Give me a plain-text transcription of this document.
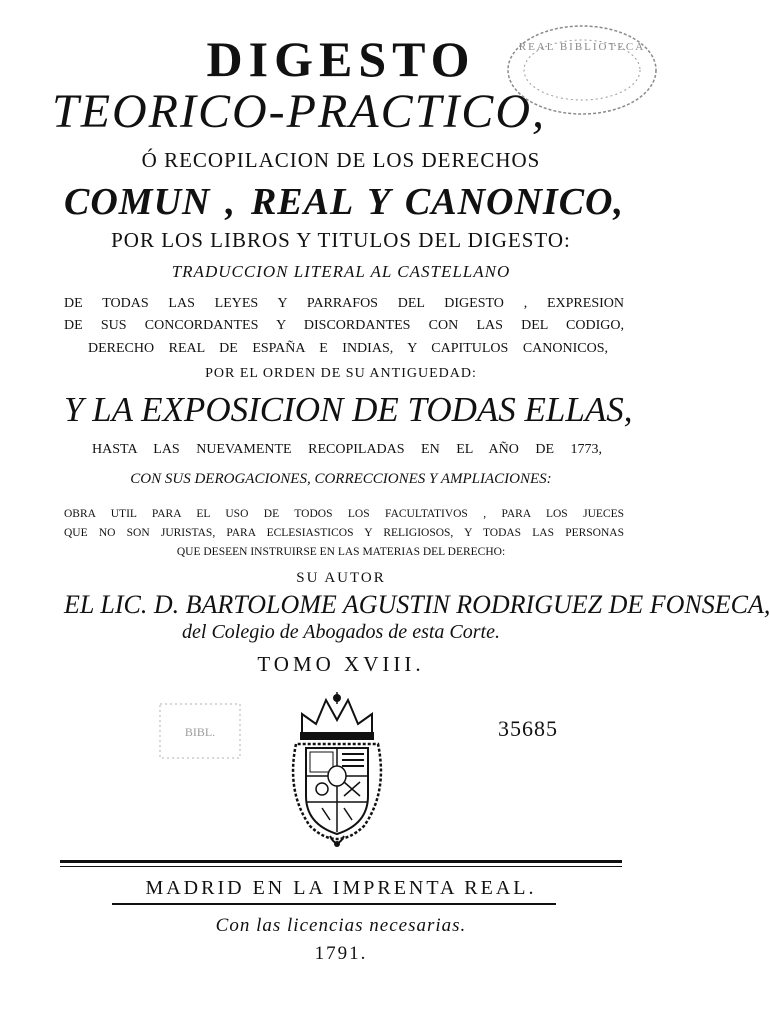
DIGESTO
TEORICO-PRACTICO,
Ó RECOPILACION DE LOS DERECHOS
COMUN , REAL Y CANONICO,
POR LOS LIBROS Y TITULOS DEL DIGESTO:
TRADUCCION LITERAL AL CASTELLANO
DE TODAS LAS LEYES Y PARRAFOS DEL DIGESTO , EXPRESION
DE SUS CONCORDANTES Y DISCORDANTES CON LAS DEL CODIGO,
DERECHO REAL DE ESPAÑA E INDIAS, Y CAPITULOS CANONICOS,
POR EL ORDEN DE SU ANTIGUEDAD:
Y LA EXPOSICION DE TODAS ELLAS,
HASTA LAS NUEVAMENTE RECOPILADAS EN EL AÑO DE 1773,
CON SUS DEROGACIONES, CORRECCIONES Y AMPLIACIONES:
OBRA UTIL PARA EL USO DE TODOS LOS FACULTATIVOS , PARA LOS JUECES
QUE NO SON JURISTAS, PARA ECLESIASTICOS Y RELIGIOSOS, Y TODAS LAS PERSONAS
QUE DESEEN INSTRUIRSE EN LAS MATERIAS DEL DERECHO:
SU AUTOR
EL LIC. D. BARTOLOME AGUSTIN RODRIGUEZ DE FONSECA,
del Colegio de Abogados de esta Corte.
TOMO XVIII.
REAL BIBLIOTECA
BIBL.	35685
MADRID EN LA IMPRENTA REAL.
Con las licencias necesarias.
1791.
